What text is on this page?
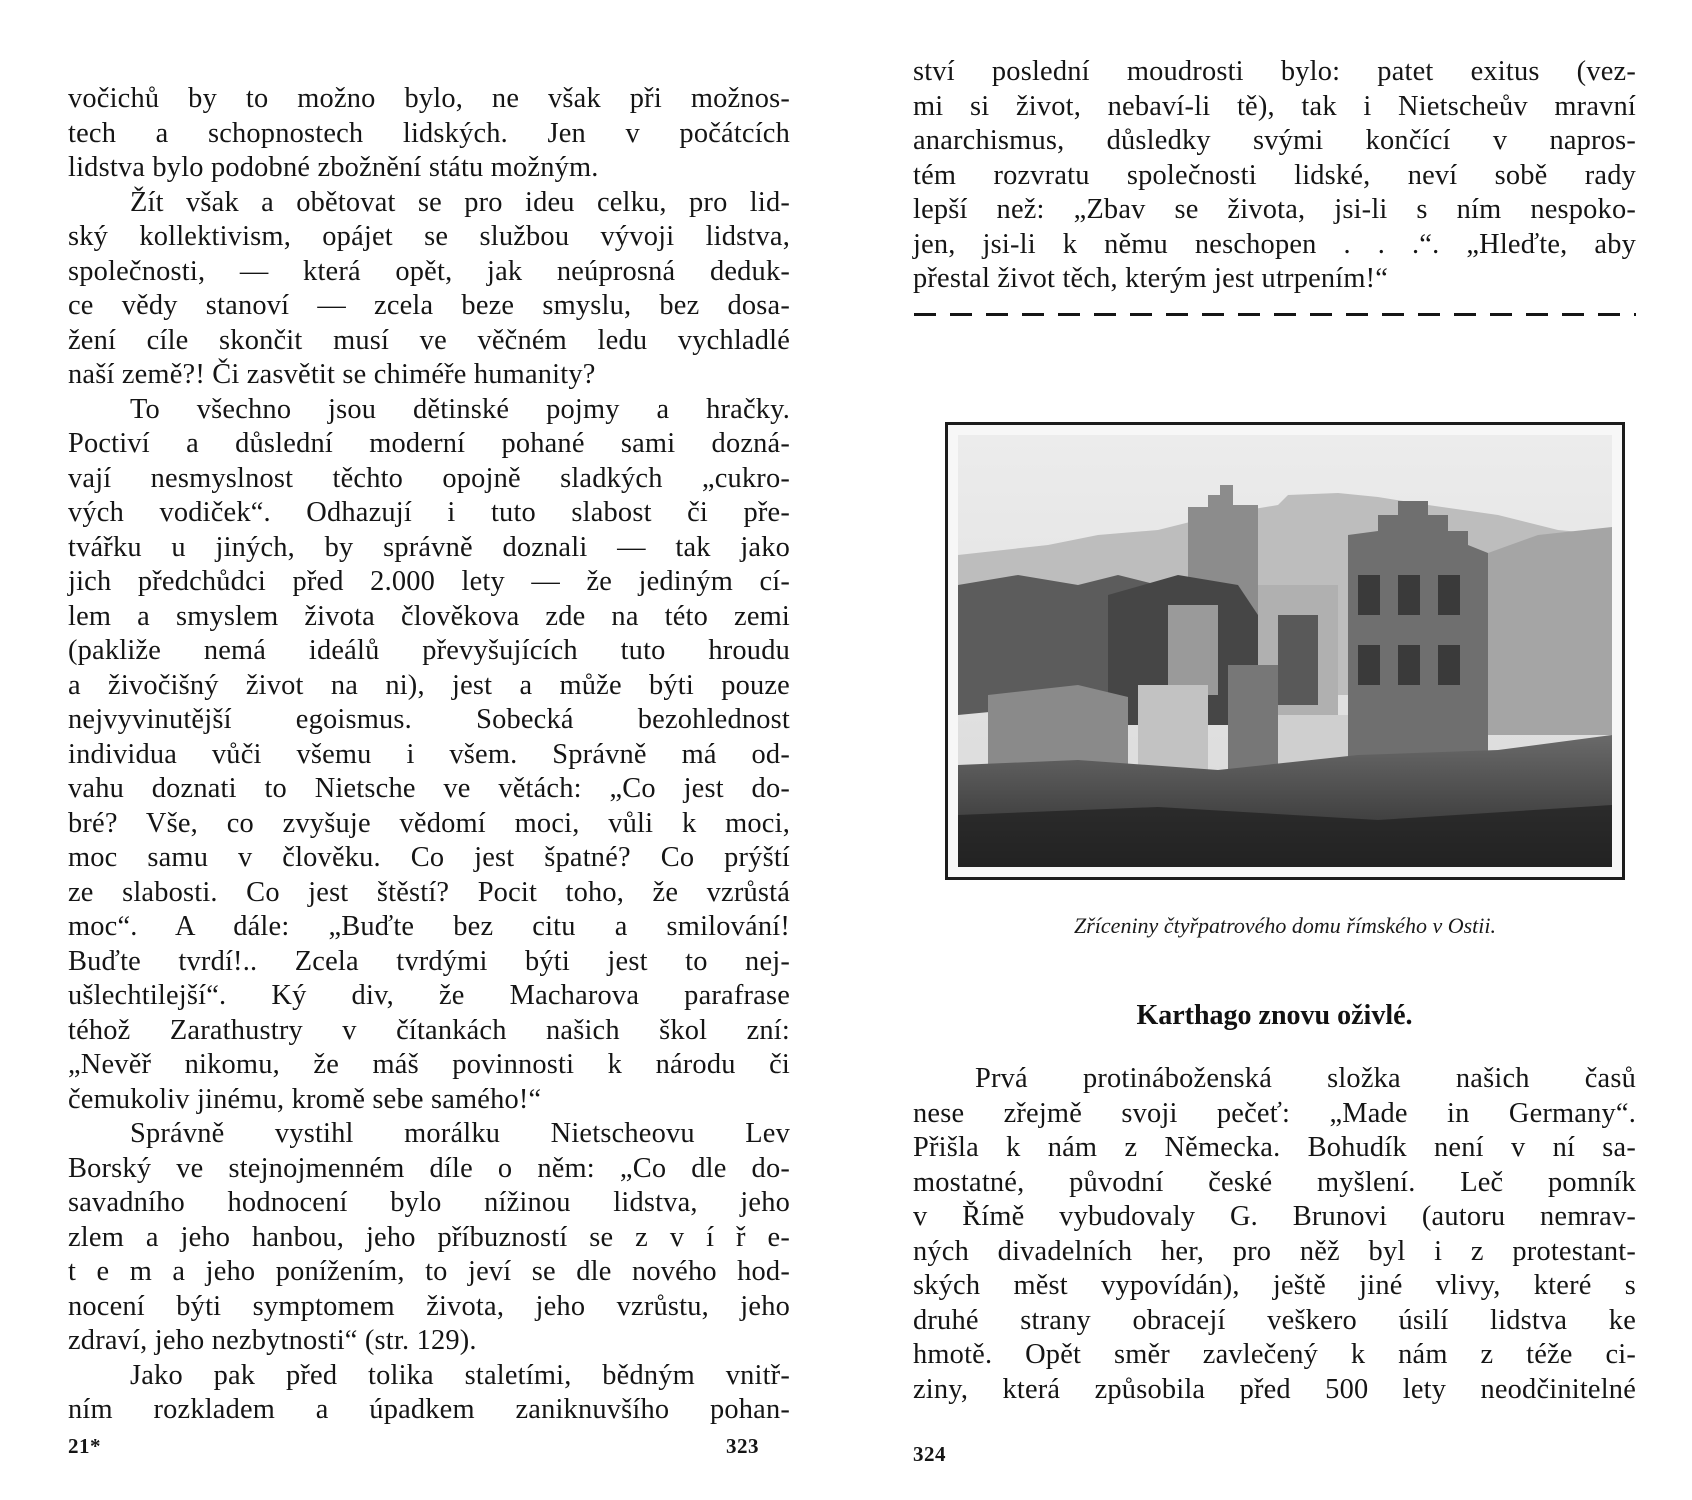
vočichů by to možno bylo, ne však při možnos-
tech a schopnostech lidských. Jen v počátcích
lidstva bylo podobné zbožnění státu možným.
Žít však a obětovat se pro ideu celku, pro lid-
ský kollektivism, opájet se službou vývoji lidstva,
společnosti, — která opět, jak neúprosná deduk-
ce vědy stanoví — zcela beze smyslu, bez dosa-
žení cíle skončit musí ve věčném ledu vychladlé
naší země?! Či zasvětit se chiméře humanity?
To všechno jsou dětinské pojmy a hračky.
Poctiví a důslední moderní pohané sami dozná-
vají nesmyslnost těchto opojně sladkých „cukro-
vých vodiček“. Odhazují i tuto slabost či pře-
tvářku u jiných, by správně doznali — tak jako
jich předchůdci před 2.000 lety — že jediným cí-
lem a smyslem života člověkova zde na této zemi
(pakliže nemá ideálů převyšujících tuto hroudu
a živočišný život na ni), jest a může býti pouze
nejvyvinutější egoismus. Sobecká bezohlednost
individua vůči všemu i všem. Správně má od-
vahu doznati to Nietsche ve větách: „Co jest do-
bré? Vše, co zvyšuje vědomí moci, vůli k moci,
moc samu v člověku. Co jest špatné? Co prýští
ze slabosti. Co jest štěstí? Pocit toho, že vzrůstá
moc“. A dále: „Buďte bez citu a smilování!
Buďte tvrdí!.. Zcela tvrdými býti jest to nej-
ušlechtilejší“. Ký div, že Macharova parafrase
téhož Zarathustry v čítankách našich škol zní:
„Nevěř nikomu, že máš povinnosti k národu či
čemukoliv jinému, kromě sebe samého!“
Správně vystihl morálku Nietscheovu Lev
Borský ve stejnojmenném díle o něm: „Co dle do-
savadního hodnocení bylo nížinou lidstva, jeho
zlem a jeho hanbou, jeho příbuzností se z v í ř e-
t e m a jeho ponížením, to jeví se dle nového hod-
nocení býti symptomem života, jeho vzrůstu, jeho
zdraví, jeho nezbytnosti“ (str. 129).
Jako pak před tolika staletími, bědným vnitř-
ním rozkladem a úpadkem zaniknuvšího pohan-
21*	323
ství poslední moudrosti bylo: patet exitus (vez-
mi si život, nebaví-li tě), tak i Nietscheův mravní
anarchismus, důsledky svými končící v napros-
tém rozvratu společnosti lidské, neví sobě rady
lepší než: „Zbav se života, jsi-li s ním nespoko-
jen, jsi-li k němu neschopen . . .“. „Hleďte, aby
přestal život těch, kterým jest utrpením!“
Zříceniny čtyřpatrového domu římského v Ostii.
Karthago znovu oživlé.
Prvá protináboženská složka našich časů
nese zřejmě svoji pečeť: „Made in Germany“.
Přišla k nám z Německa. Bohudík není v ní sa-
mostatné, původní české myšlení. Leč pomník
v Římě vybudovaly G. Brunovi (autoru nemrav-
ných divadelních her, pro něž byl i z protestant-
ských měst vypovídán), ještě jiné vlivy, které s
druhé strany obracejí veškero úsilí lidstva ke
hmotě. Opět směr zavlečený k nám z téže ci-
ziny, která způsobila před 500 lety neodčinitelné
324
